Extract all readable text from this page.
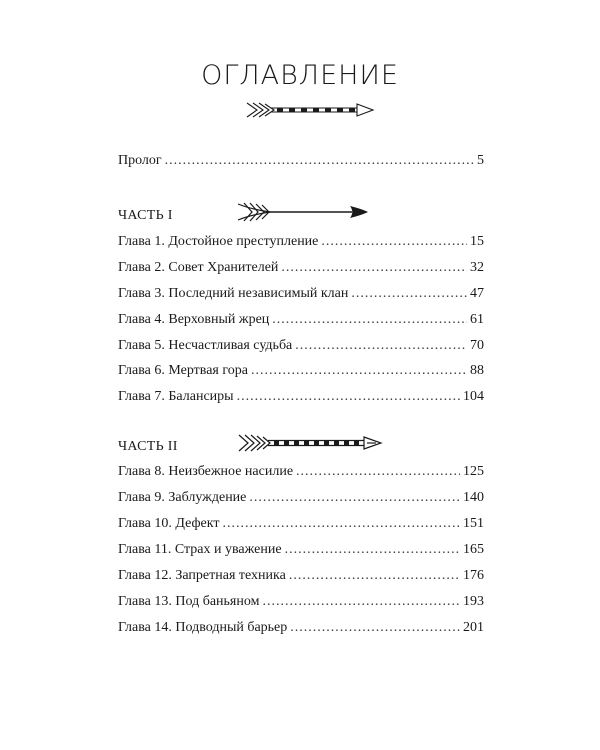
ОГЛАВЛЕНИЕ
Пролог .....	5
ЧАСТЬ I
Глава 1. Достойное преступление .....	15
Глава 2. Совет Хранителей .....	32
Глава 3. Последний независимый клан .....	47
Глава 4. Верховный жрец .....	61
Глава 5. Несчастливая судьба .....	70
Глава 6. Мертвая гора .....	88
Глава 7. Балансиры .....	104
ЧАСТЬ II
Глава 8. Неизбежное насилие .....	125
Глава 9. Заблуждение .....	140
Глава 10. Дефект .....	151
Глава 11. Страх и уважение .....	165
Глава 12. Запретная техника .....	176
Глава 13. Под баньяном .....	193
Глава 14. Подводный барьер .....	201
